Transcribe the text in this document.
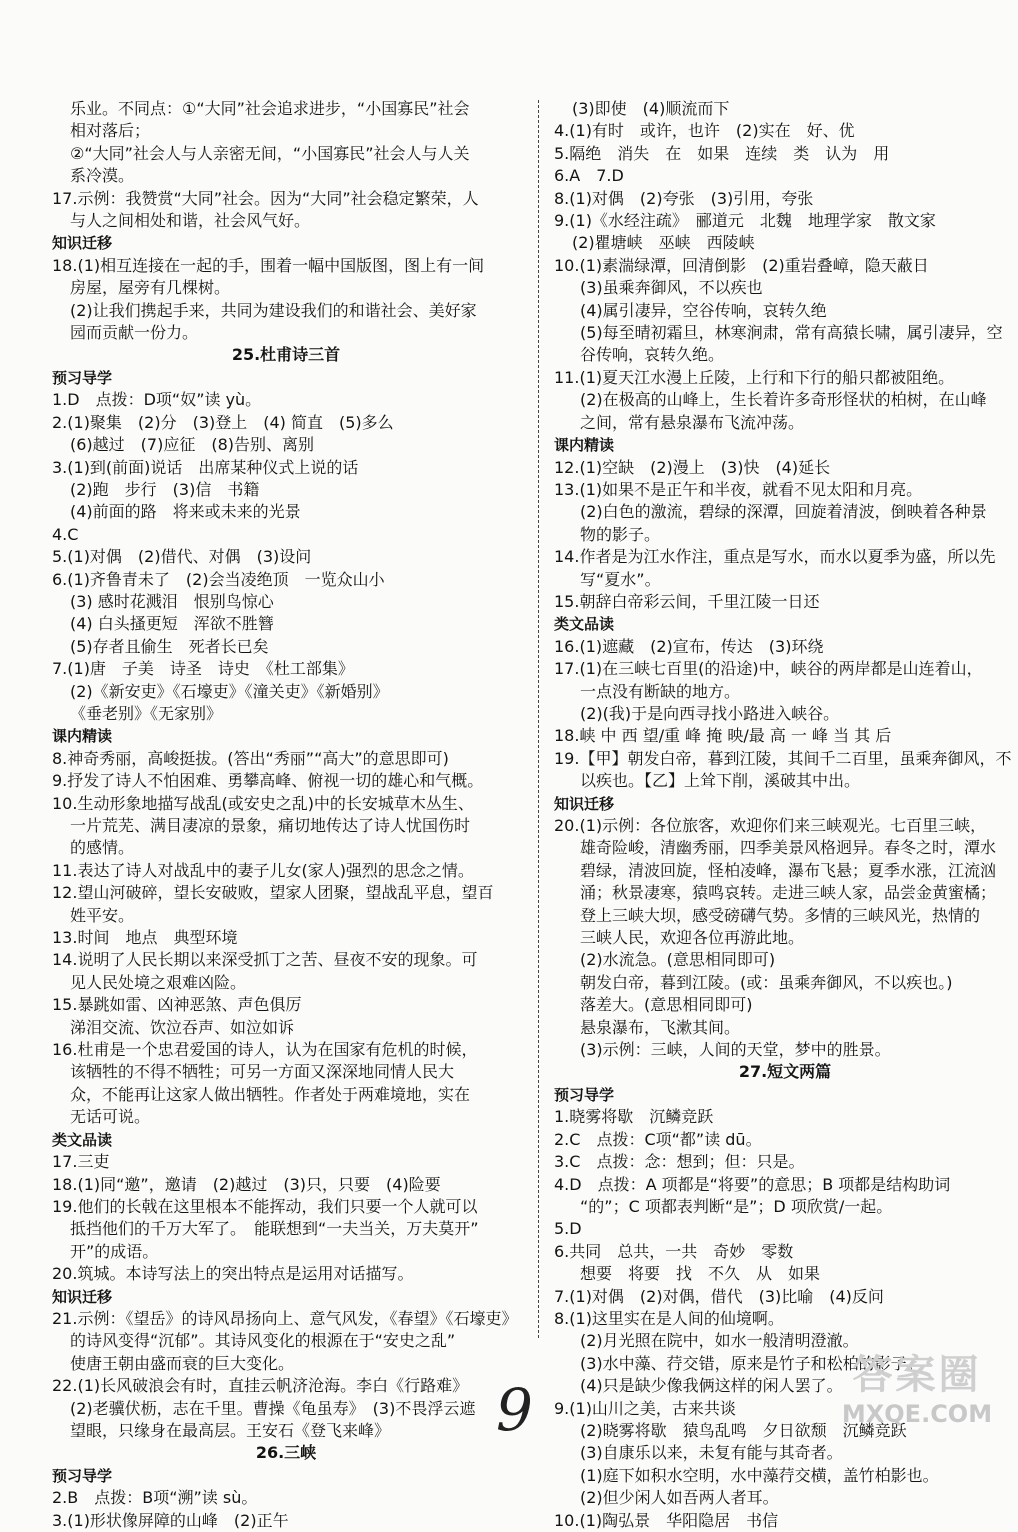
乐业。不同点：①“大同”社会追求进步，“小国寡民”社会
相对落后；
②“大同”社会人与人亲密无间，“小国寡民”社会人与人关
系冷漠。
17.示例：我赞赏“大同”社会。因为“大同”社会稳定繁荣，人
与人之间相处和谐，社会风气好。
知识迁移
18.(1)相互连接在一起的手，围着一幅中国版图，图上有一间
房屋，屋旁有几棵树。
(2)让我们携起手来，共同为建设我们的和谐社会、美好家
园而贡献一份力。
25.杜甫诗三首
预习导学
1.D　点拨：D项“奴”读 yù。
2.(1)聚集　(2)分　(3)登上　(4) 简直　(5)多么
(6)越过　(7)应征　(8)告别、离别
3.(1)到(前面)说话　出席某种仪式上说的话
(2)跑　步行　(3)信　书籍
(4)前面的路　将来或未来的光景
4.C
5.(1)对偶　(2)借代、对偶　(3)设问
6.(1)齐鲁青未了　(2)会当凌绝顶　一览众山小
(3) 感时花溅泪　恨别鸟惊心
(4) 白头搔更短　浑欲不胜簪
(5)存者且偷生　死者长已矣
7.(1)唐　子美　诗圣　诗史　《杜工部集》
(2)《新安吏》《石壕吏》《潼关吏》《新婚别》
《垂老别》《无家别》
课内精读
8.神奇秀丽，高峻挺拔。(答出“秀丽”“高大”的意思即可)
9.抒发了诗人不怕困难、勇攀高峰、俯视一切的雄心和气概。
10.生动形象地描写战乱(或安史之乱)中的长安城草木丛生、
一片荒芜、满目凄凉的景象，痛切地传达了诗人忧国伤时
的感情。
11.表达了诗人对战乱中的妻子儿女(家人)强烈的思念之情。
12.望山河破碎，望长安破败，望家人团聚，望战乱平息，望百
姓平安。
13.时间　地点　典型环境
14.说明了人民长期以来深受抓丁之苦、昼夜不安的现象。可
见人民处境之艰难凶险。
15.暴跳如雷、凶神恶煞、声色俱厉
涕泪交流、饮泣吞声、如泣如诉
16.杜甫是一个忠君爱国的诗人，认为在国家有危机的时候，
该牺牲的不得不牺牲；可另一方面又深深地同情人民大
众，不能再让这家人做出牺牲。作者处于两难境地，实在
无话可说。
类文品读
17.三吏
18.(1)同“邀”，邀请　(2)越过　(3)只，只要　(4)险要
19.他们的长戟在这里根本不能挥动，我们只要一个人就可以
抵挡他们的千万大军了。　能联想到“一夫当关，万夫莫开”
开”的成语。
20.筑城。本诗写法上的突出特点是运用对话描写。
知识迁移
21.示例：《望岳》的诗风昂扬向上、意气风发，《春望》《石壕吏》
的诗风变得“沉郁”。其诗风变化的根源在于“安史之乱”
使唐王朝由盛而衰的巨大变化。
22.(1)长风破浪会有时，直挂云帆济沧海。李白《行路难》
(2)老骥伏枥，志在千里。曹操《龟虽寿》　(3)不畏浮云遮
望眼，只缘身在最高层。王安石《登飞来峰》
26.三峡
预习导学
2.B　点拨：B项“溯”读 sù。
3.(1)形状像屏障的山峰　(2)正午
(3)即使　(4)顺流而下
4.(1)有时　或许，也许　(2)实在　好、优
5.隔绝　消失　在　如果　连续　类　认为　用
6.A　7.D
8.(1)对偶　(2)夸张　(3)引用，夸张
9.(1)《水经注疏》　郦道元　北魏　地理学家　散文家
(2)瞿塘峡　巫峡　西陵峡
10.(1)素湍绿潭，回清倒影　(2)重岩叠嶂，隐天蔽日
(3)虽乘奔御风，不以疾也
(4)属引凄异，空谷传响，哀转久绝
(5)每至晴初霜旦，林寒涧肃，常有高猿长啸，属引凄异，空
谷传响，哀转久绝。
11.(1)夏天江水漫上丘陵，上行和下行的船只都被阻绝。
(2)在极高的山峰上，生长着许多奇形怪状的柏树，在山峰
之间，常有悬泉瀑布飞流冲荡。
课内精读
12.(1)空缺　(2)漫上　(3)快　(4)延长
13.(1)如果不是正午和半夜，就看不见太阳和月亮。
(2)白色的激流，碧绿的深潭，回旋着清波，倒映着各种景
物的影子。
14.作者是为江水作注，重点是写水，而水以夏季为盛，所以先
写“夏水”。
15.朝辞白帝彩云间，千里江陵一日还
类文品读
16.(1)遮藏　(2)宣布，传达　(3)环绕
17.(1)在三峡七百里(的沿途)中，峡谷的两岸都是山连着山，
一点没有断缺的地方。
(2)(我)于是向西寻找小路进入峡谷。
18.峡 中 西 望/重 峰 掩 映/最 高 一 峰 当 其 后
19.【甲】朝发白帝，暮到江陵，其间千二百里，虽乘奔御风，不
以疾也。【乙】上耸下削，溪破其中出。
知识迁移
20.(1)示例：各位旅客，欢迎你们来三峡观光。七百里三峡，
雄奇险峻，清幽秀丽，四季美景风格迥异。春冬之时，潭水
碧绿，清波回旋，怪柏凌峰，瀑布飞悬；夏季水涨，江流汹
涌；秋景凄寒，猿鸣哀转。走进三峡人家，品尝金黄蜜橘；
登上三峡大坝，感受磅礴气势。多情的三峡风光，热情的
三峡人民，欢迎各位再游此地。
(2)水流急。(意思相同即可)
朝发白帝，暮到江陵。(或：虽乘奔御风，不以疾也。)
落差大。(意思相同即可)
悬泉瀑布，飞漱其间。
(3)示例：三峡，人间的天堂，梦中的胜景。
27.短文两篇
预习导学
1.晓雾将歇　沉鳞竞跃
2.C　点拨：C项“都”读 dū。
3.C　点拨：念：想到；但：只是。
4.D　点拨：A 项都是“将要”的意思；B 项都是结构助词
“的”；C 项都表判断“是”；D 项欣赏/一起。
5.D
6.共同　总共，一共　奇妙　零数
想要　将要　找　不久　从　如果
7.(1)对偶　(2)对偶，借代　(3)比喻　(4)反问
8.(1)这里实在是人间的仙境啊。
(2)月光照在院中，如水一般清明澄澈。
(3)水中藻、荇交错，原来是竹子和松柏的影子。
(4)只是缺少像我俩这样的闲人罢了。
9.(1)山川之美，古来共谈
(2)晓雾将歇　猿鸟乱鸣　夕日欲颓　沉鳞竞跃
(3)自康乐以来，未复有能与其奇者。
(1)庭下如积水空明，水中藻荇交横，盖竹柏影也。
(2)但少闲人如吾两人者耳。
10.(1)陶弘景　华阳隐居　书信
9
答案圈
MXQE.COM
